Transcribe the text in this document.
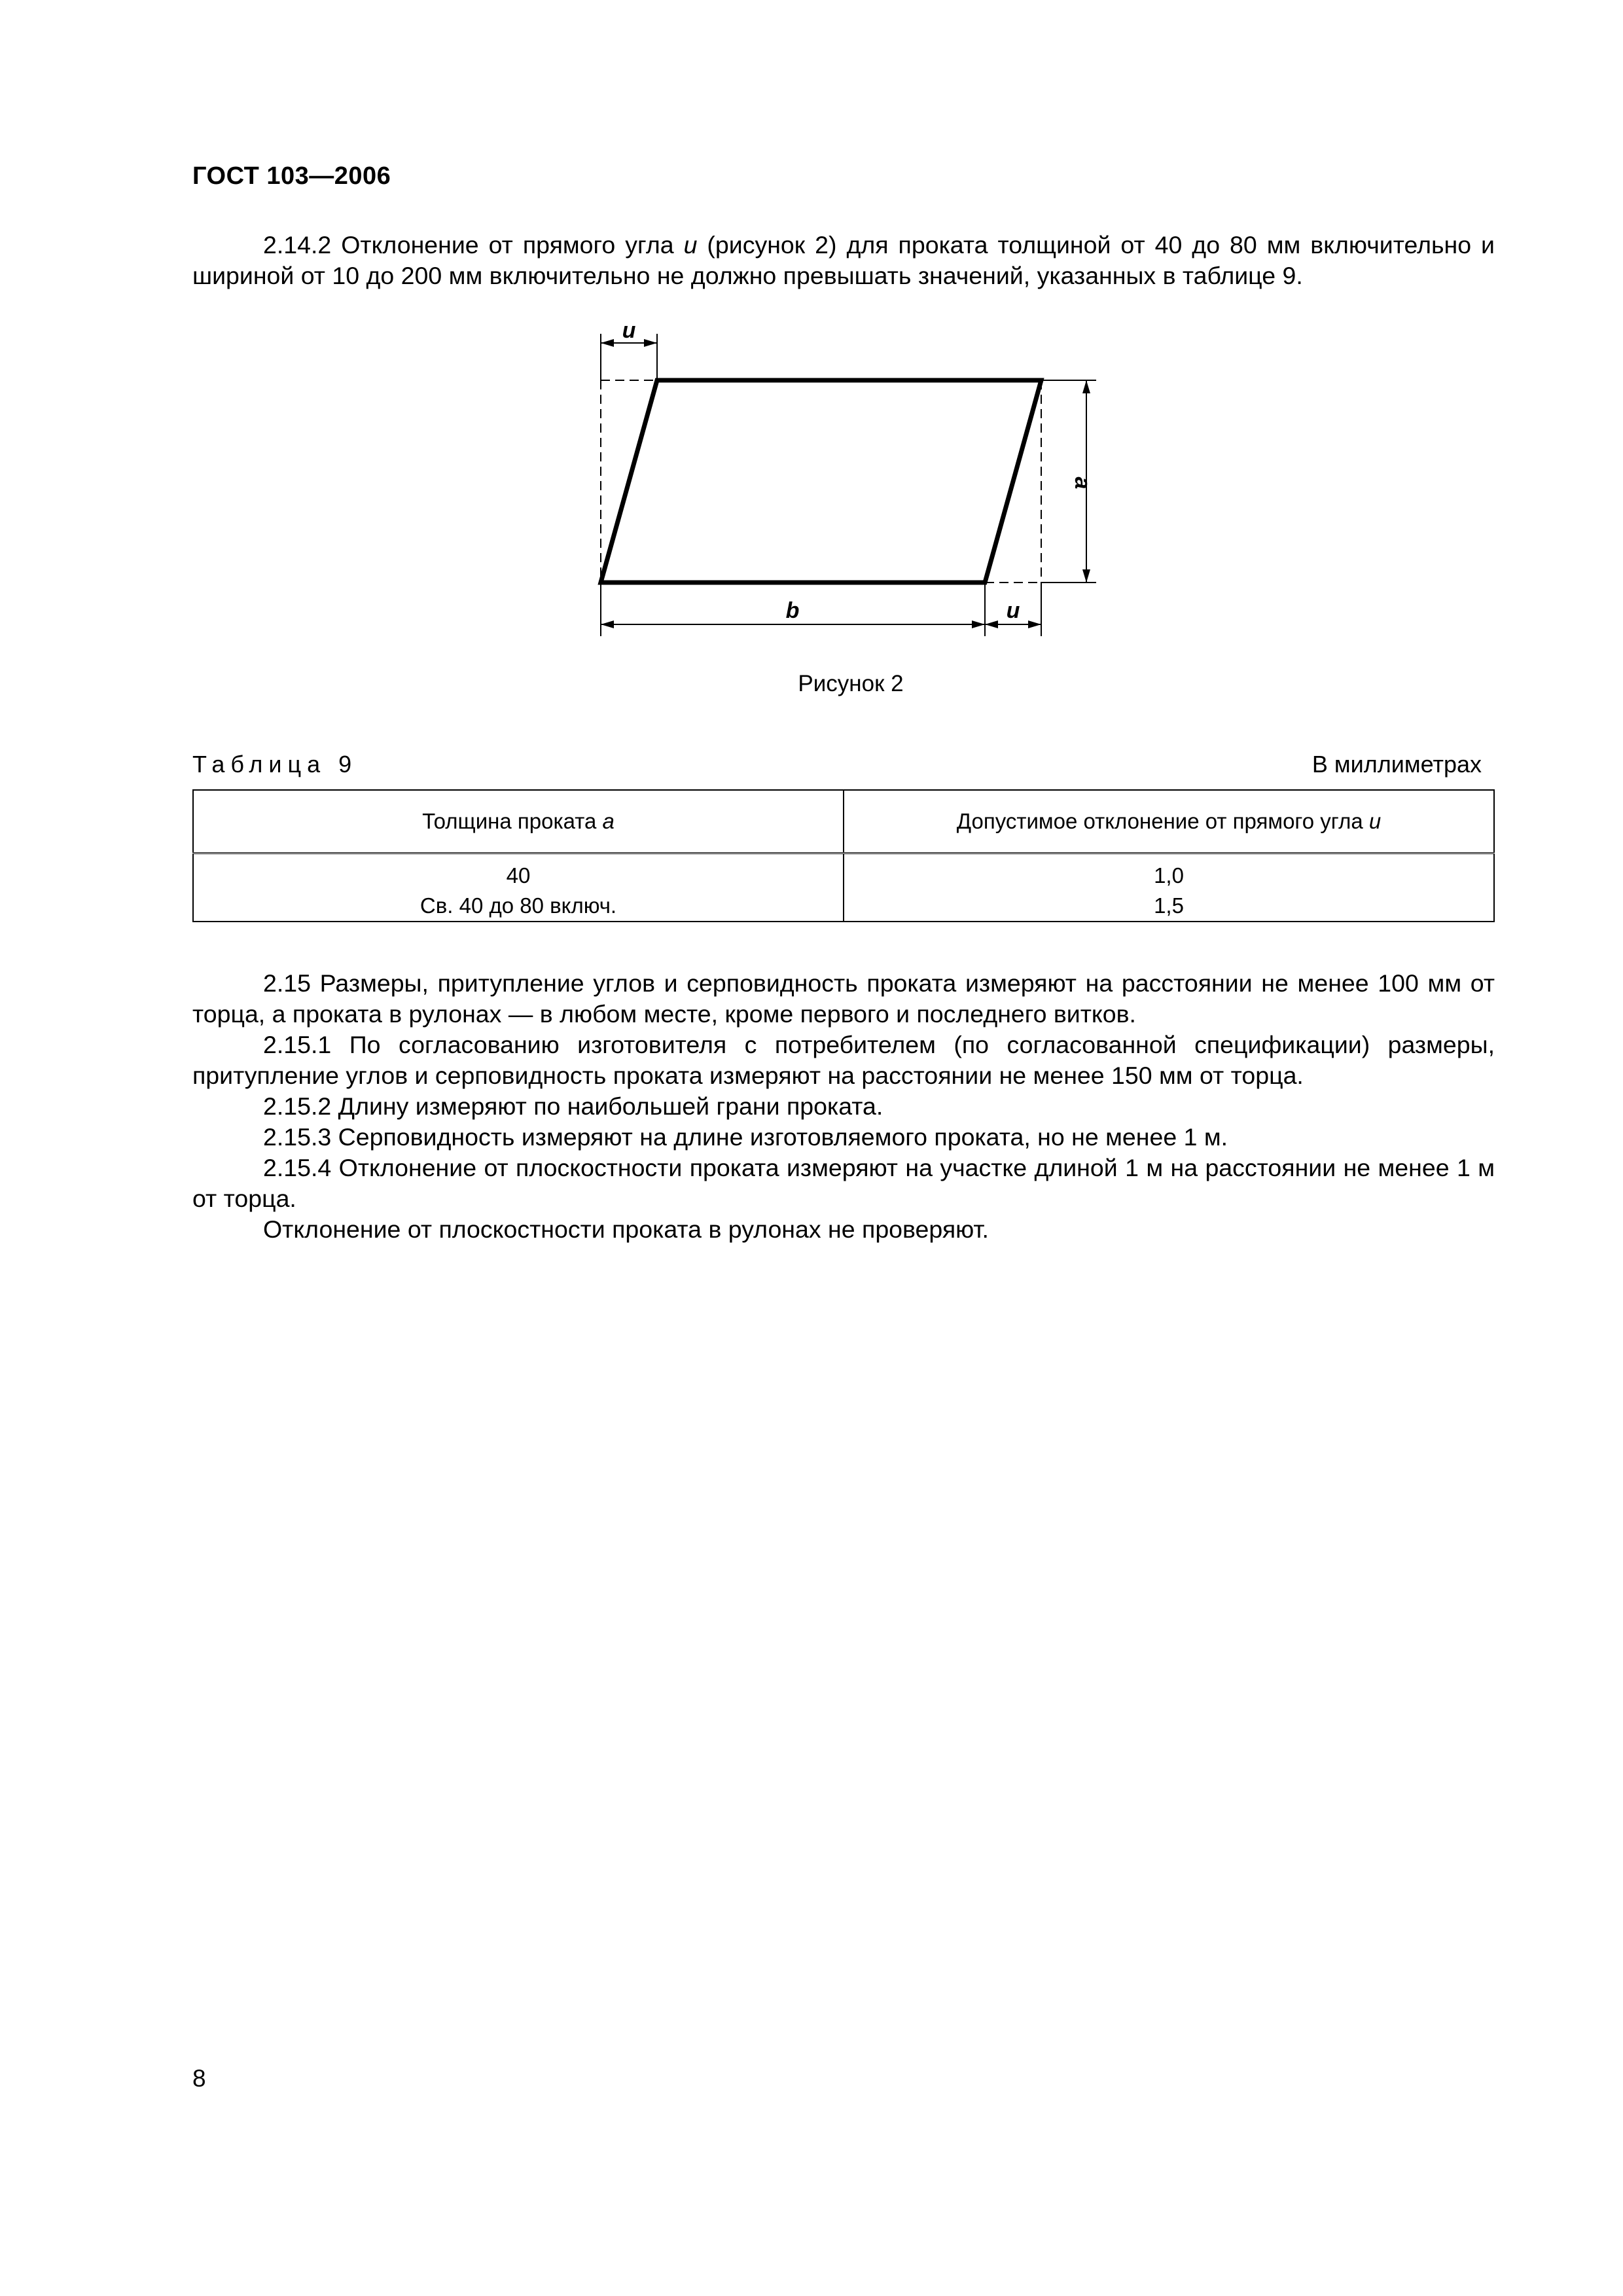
ГОСТ 103—2006

2.14.2 Отклонение от прямого угла u (рисунок 2) для проката толщиной от 40 до 80 мм включительно и шириной от 10 до 200 мм включительно не должно превышать значений, указанных в таблице 9.

u
a
b	u
Рисунок 2
Таблица 9	В миллиметрах
Толщина проката a	Допустимое отклонение от прямого угла u
40	1,0
Св. 40 до 80 включ.	1,5

2.15 Размеры, притупление углов и серповидность проката измеряют на расстоянии не менее 100 мм от торца, а проката в рулонах — в любом месте, кроме первого и последнего витков.

2.15.1 По согласованию изготовителя с потребителем (по согласованной спецификации) размеры, притупление углов и серповидность проката измеряют на расстоянии не менее 150 мм от торца.

2.15.2 Длину измеряют по наибольшей грани проката.

2.15.3 Серповидность измеряют на длине изготовляемого проката, но не менее 1 м.

2.15.4 Отклонение от плоскостности проката измеряют на участке длиной 1 м на расстоянии не менее 1 м от торца.

Отклонение от плоскостности проката в рулонах не проверяют.

8
